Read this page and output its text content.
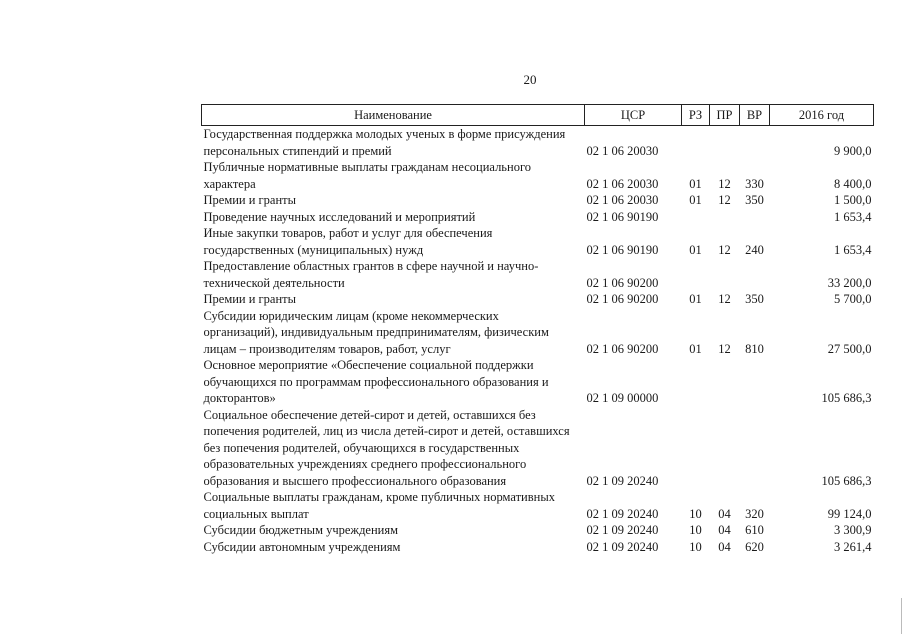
20
Наименование	ЦСР	РЗ	ПР	ВР	2016 год

Государственная поддержка молодых ученых в форме присуждения
персональных стипендий и премий	02 1 06 20030				9 900,0

Публичные нормативные выплаты гражданам несоциального
характера	02 1 06 20030	01	12	330	8 400,0

Премии и гранты	02 1 06 20030	01	12	350	1 500,0

Проведение научных исследований и мероприятий	02 1 06 90190				1 653,4

Иные закупки товаров, работ и услуг для обеспечения
государственных (муниципальных) нужд	02 1 06 90190	01	12	240	1 653,4

Предоставление областных грантов в сфере научной и научно-
технической деятельности	02 1 06 90200				33 200,0

Премии и гранты	02 1 06 90200	01	12	350	5 700,0

Субсидии юридическим лицам (кроме некоммерческих
организаций), индивидуальным предпринимателям, физическим
лицам – производителям товаров, работ, услуг	02 1 06 90200	01	12	810	27 500,0

Основное мероприятие «Обеспечение социальной поддержки
обучающихся по программам профессионального образования и
докторантов»	02 1 09 00000				105 686,3

Социальное обеспечение детей-сирот и детей, оставшихся без
попечения родителей, лиц из числа детей-сирот и детей, оставшихся
без попечения родителей, обучающихся в государственных
образовательных учреждениях среднего профессионального
образования и высшего профессионального образования	02 1 09 20240				105 686,3

Социальные выплаты гражданам, кроме публичных нормативных
социальных выплат	02 1 09 20240	10	04	320	99 124,0

Субсидии бюджетным учреждениям	02 1 09 20240	10	04	610	3 300,9

Субсидии автономным учреждениям	02 1 09 20240	10	04	620	3 261,4
